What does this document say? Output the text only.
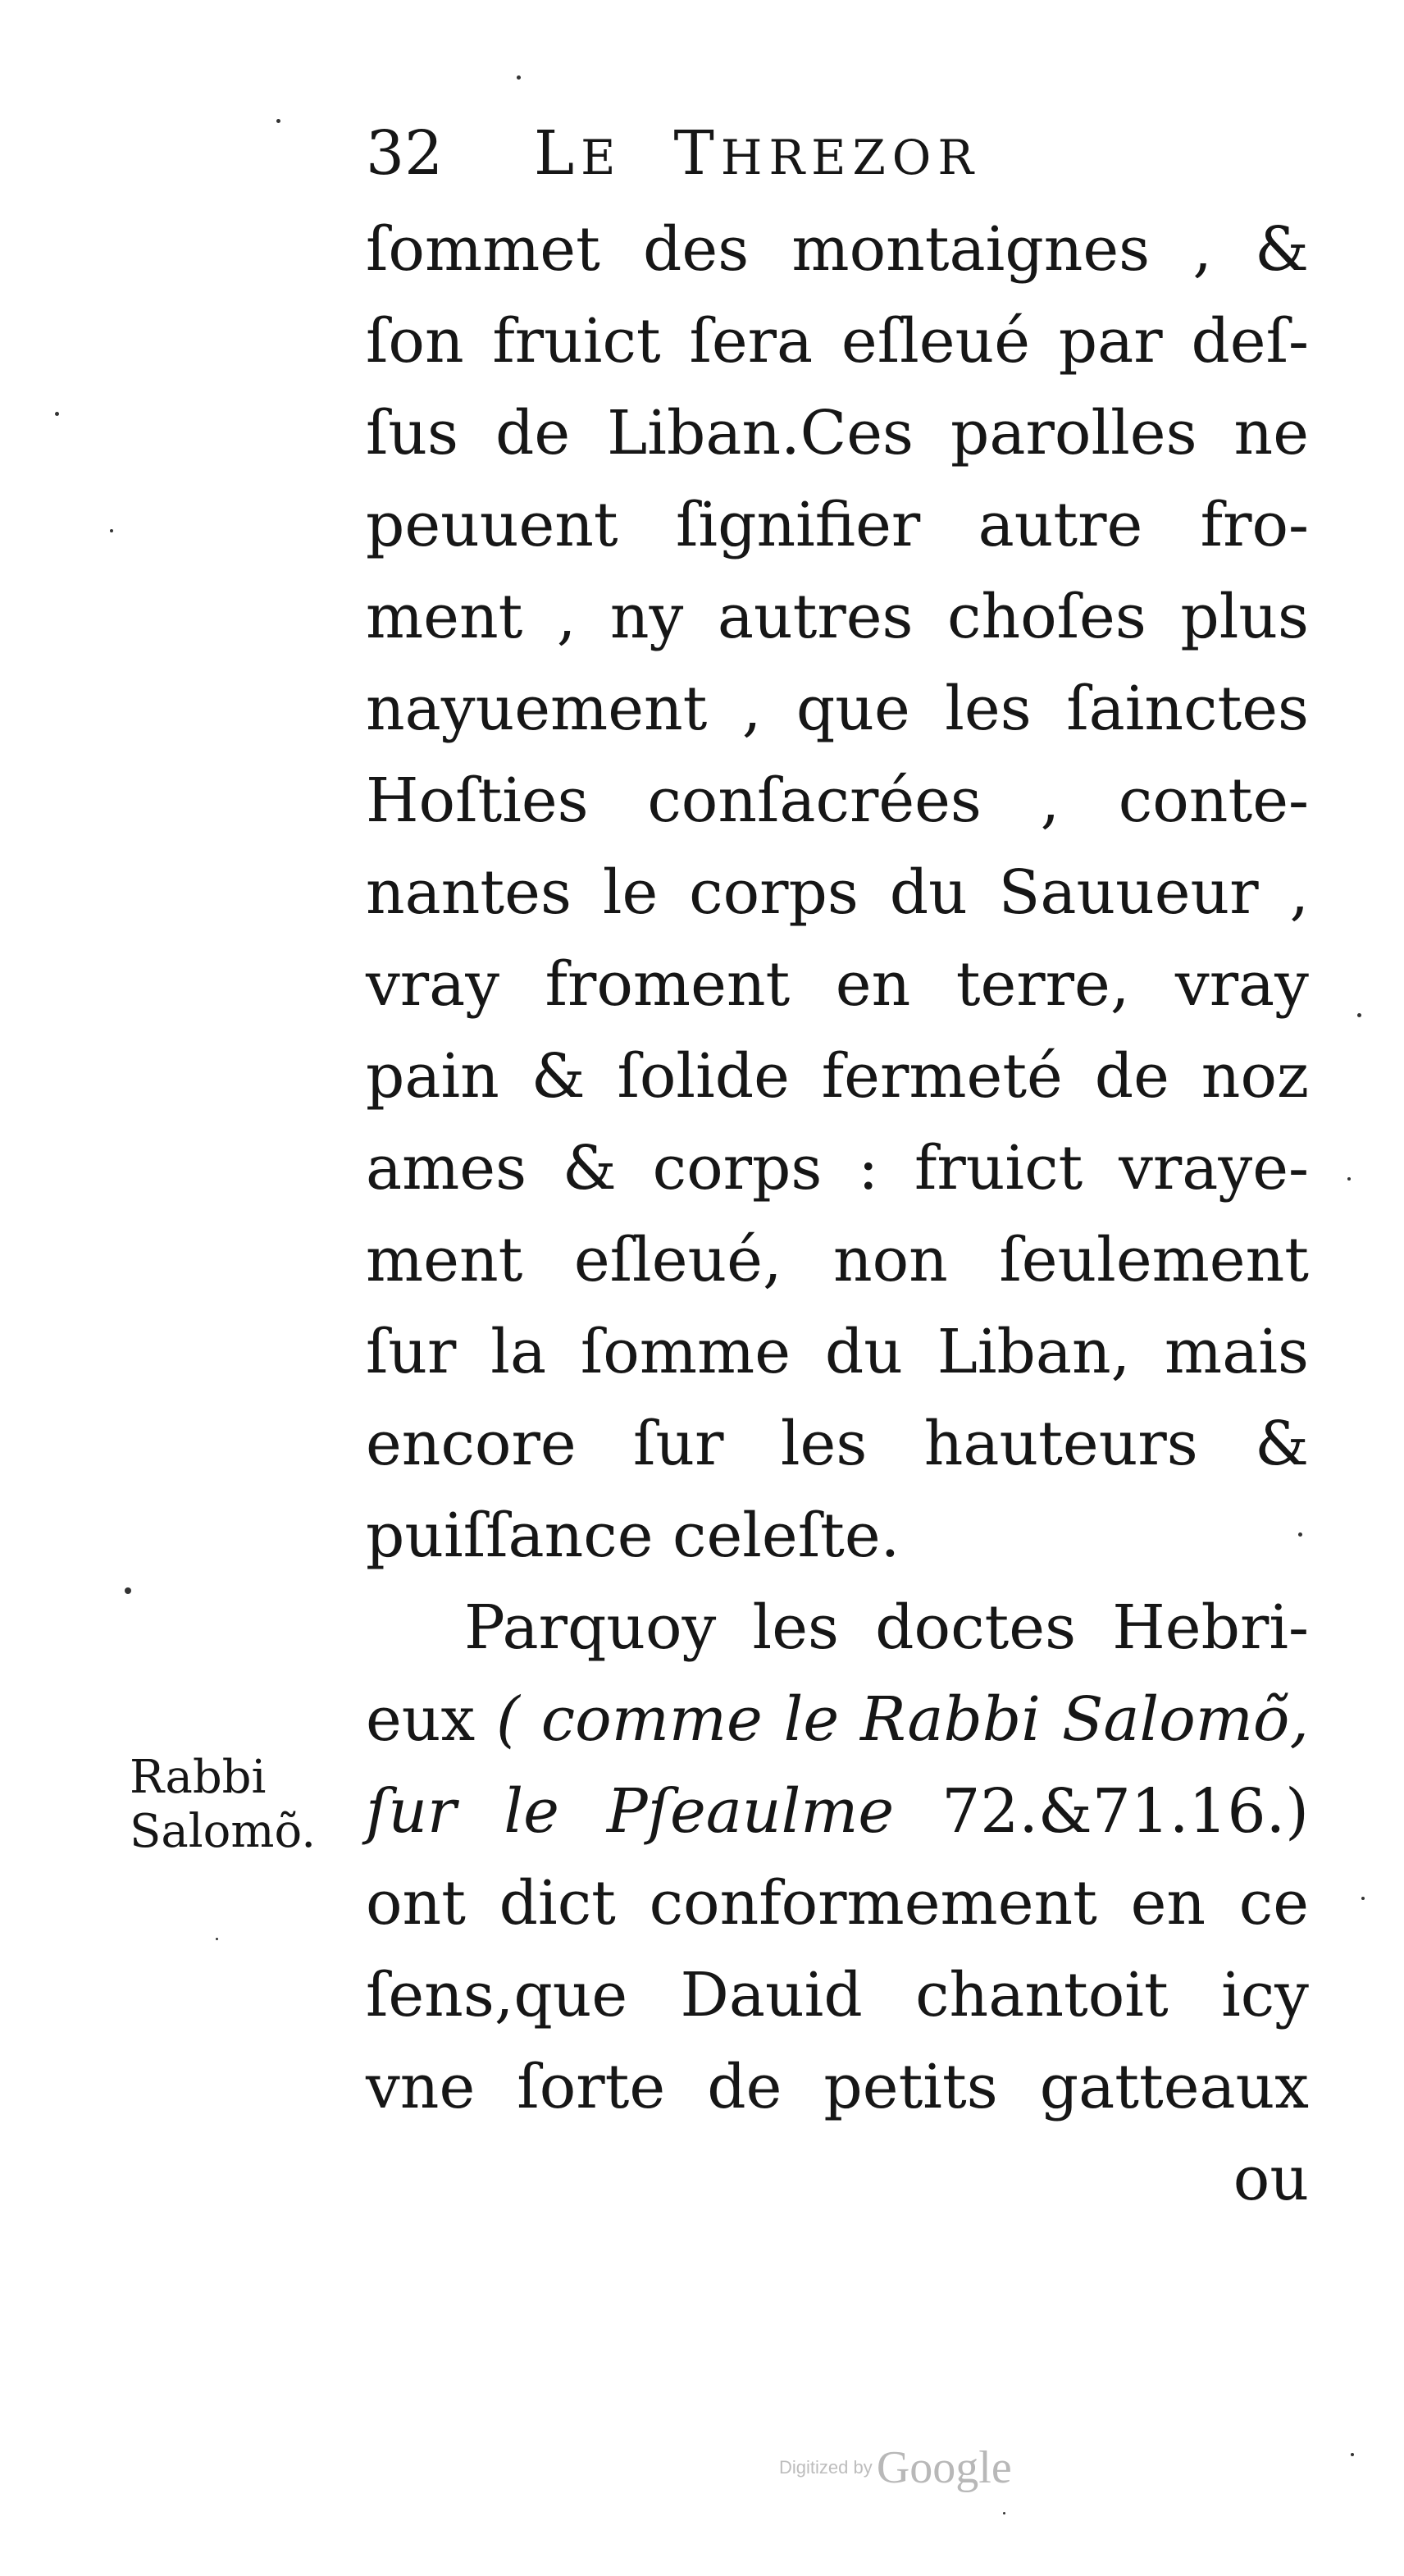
32 LE THREZOR
ſommet des montaignes , &
ſon fruict ſera eſleué par deſ-
ſus de Liban.Ces parolles ne
peuuent ſignifier autre fro-
ment , ny autres choſes plus
nayuement , que les ſainctes
Hoſties conſacrées , conte-
nantes le corps du Sauueur ,
vray froment en terre, vray
pain & ſolide fermeté de noz
ames & corps : fruict vraye-
ment eſleué, non ſeulement
ſur la ſomme du Liban, mais
encore ſur les hauteurs &
puiſſance celeſte.
Parquoy les doctes Hebri-
eux ( comme le Rabbi Salomõ,
ſur le Pſeaulme 72.&71.16.)
ont dict conformement en ce
ſens,que Dauid chantoit icy
vne ſorte de petits gatteaux
ou
Rabbi
Salomõ.
Digitized by Google
